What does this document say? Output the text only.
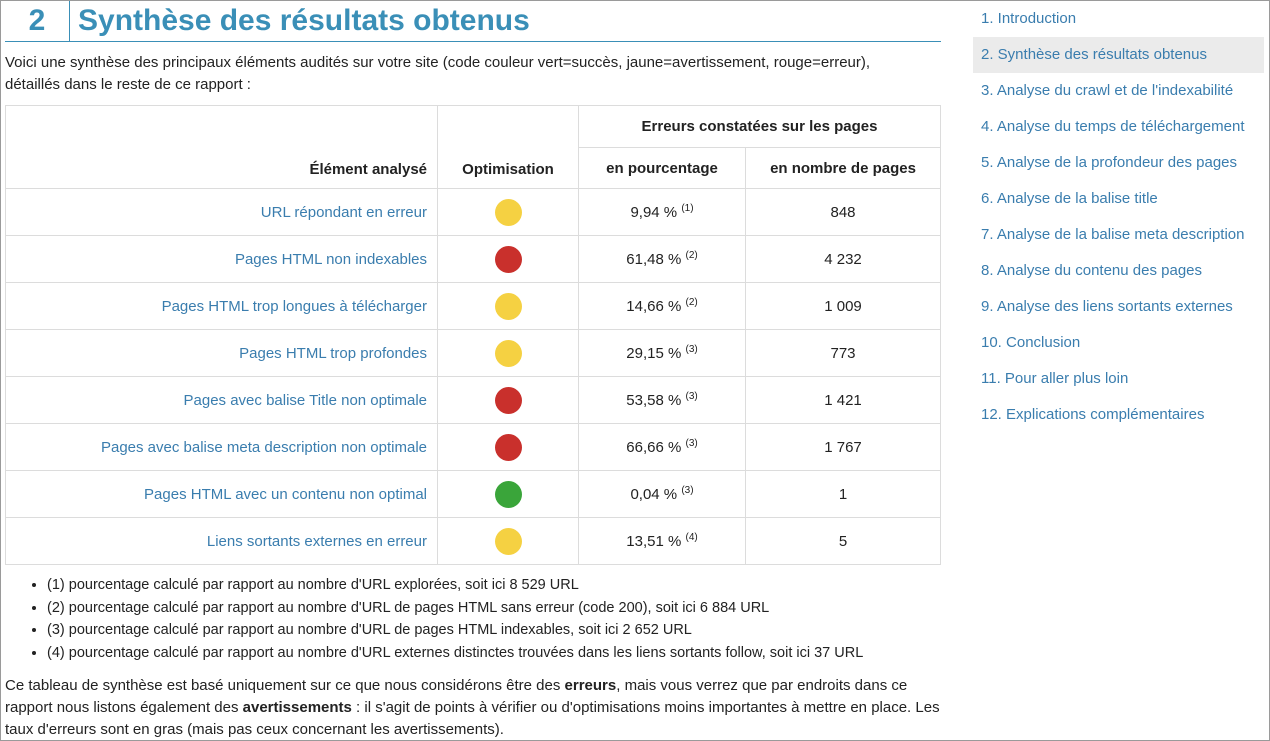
2	Synthèse des résultats obtenus

Voici une synthèse des principaux éléments audités sur votre site (code couleur vert=succès, jaune=avertissement, rouge=erreur), détaillés dans le reste de ce rapport :

Élément analysé	Optimisation	Erreurs constatées sur les pages	
		en pourcentage	en nombre de pages
URL répondant en erreur		9,94 % $^{(1)}$	848
Pages HTML non indexables		61,48 % $^{(2)}$	4 232
Pages HTML trop longues à télécharger		14,66 % $^{(2)}$	1 009
Pages HTML trop profondes		29,15 % $^{(3)}$	773
Pages avec balise Title non optimale		53,58 % $^{(3)}$	1 421
Pages avec balise meta description non optimale		66,66 % $^{(3)}$	1 767
Pages HTML avec un contenu non optimal		0,04 % $^{(3)}$	1
Liens sortants externes en erreur		13,51 % $^{(4)}$	5
• (1) pourcentage calculé par rapport au nombre d'URL explorées, soit ici 8 529 URL
• (2) pourcentage calculé par rapport au nombre d'URL de pages HTML sans erreur (code 200), soit ici 6 884 URL
• (3) pourcentage calculé par rapport au nombre d'URL de pages HTML indexables, soit ici 2 652 URL
• (4) pourcentage calculé par rapport au nombre d'URL externes distinctes trouvées dans les liens sortants follow, soit ici 37 URL

Ce tableau de synthèse est basé uniquement sur ce que nous considérons être des erreurs, mais vous verrez que par endroits dans ce rapport nous listons également des avertissements : il s'agit de points à vérifier ou d'optimisations moins importantes à mettre en place. Les taux d'erreurs sont en gras (mais pas ceux concernant les avertissements).

1. Introduction
2. Synthèse des résultats obtenus
3. Analyse du crawl et de l'indexabilité
4. Analyse du temps de téléchargement
5. Analyse de la profondeur des pages
6. Analyse de la balise title
7. Analyse de la balise meta description
8. Analyse du contenu des pages
9. Analyse des liens sortants externes
10. Conclusion
11. Pour aller plus loin
12. Explications complémentaires
